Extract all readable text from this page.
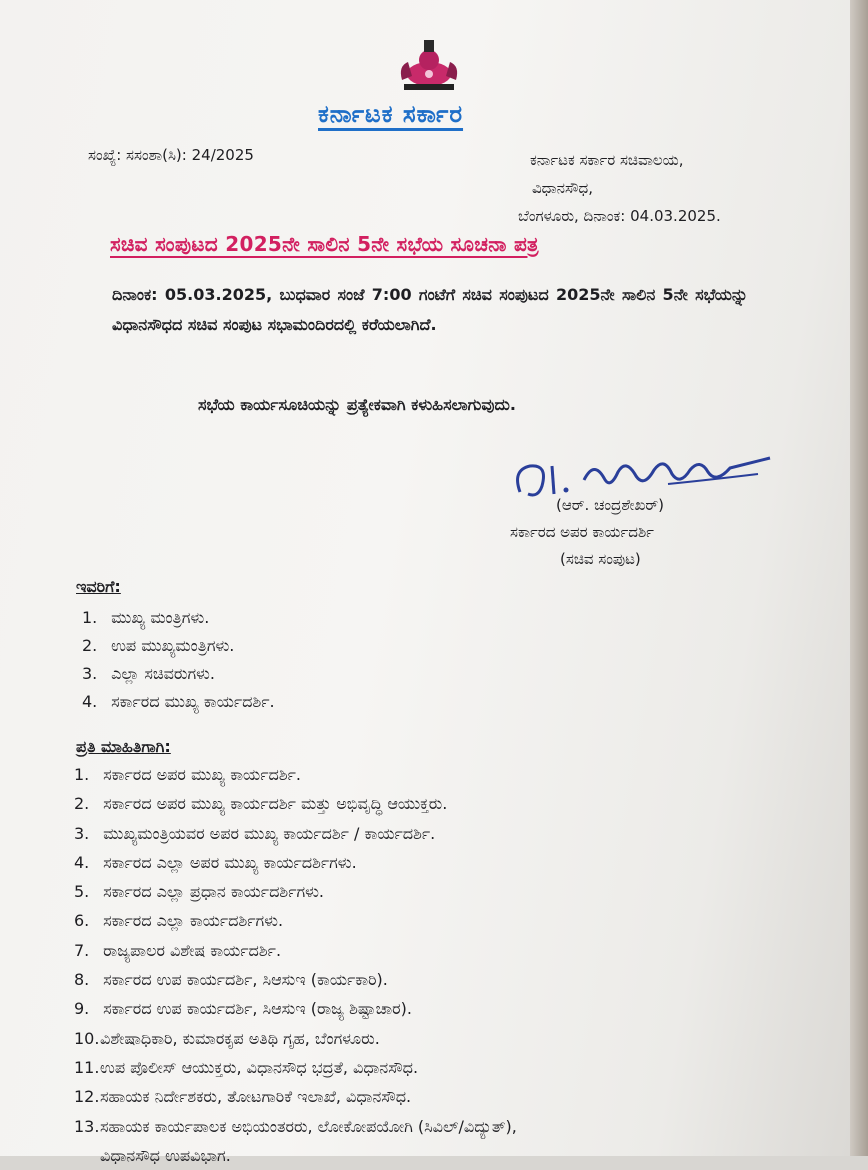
ಕರ್ನಾಟಕ ಸರ್ಕಾರ
ಸಂಖ್ಯೆ: ಸಸಂಶಾ(ಸಿ): 24/2025	ಕರ್ನಾಟಕ ಸರ್ಕಾರ ಸಚಿವಾಲಯ,
ವಿಧಾನಸೌಧ,
ಬೆಂಗಳೂರು, ದಿನಾಂಕ: 04.03.2025.
ಸಚಿವ ಸಂಪುಟದ 2025ನೇ ಸಾಲಿನ 5ನೇ ಸಭೆಯ ಸೂಚನಾ ಪತ್ರ
ದಿನಾಂಕ: 05.03.2025, ಬುಧವಾರ ಸಂಜೆ 7:00 ಗಂಟೆಗೆ ಸಚಿವ ಸಂಪುಟದ 2025ನೇ ಸಾಲಿನ 5ನೇ ಸಭೆಯನ್ನು ವಿಧಾನಸೌಧದ ಸಚಿವ ಸಂಪುಟ ಸಭಾಮಂದಿರದಲ್ಲಿ ಕರೆಯಲಾಗಿದೆ.
ಸಭೆಯ ಕಾರ್ಯಸೂಚಿಯನ್ನು ಪ್ರತ್ಯೇಕವಾಗಿ ಕಳುಹಿಸಲಾಗುವುದು.
(ಆರ್. ಚಂದ್ರಶೇಖರ್)
ಸರ್ಕಾರದ ಅಪರ ಕಾರ್ಯದರ್ಶಿ
(ಸಚಿವ ಸಂಪುಟ)
ಇವರಿಗೆ:
1. ಮುಖ್ಯ ಮಂತ್ರಿಗಳು.
2. ಉಪ ಮುಖ್ಯಮಂತ್ರಿಗಳು.
3. ಎಲ್ಲಾ ಸಚಿವರುಗಳು.
4. ಸರ್ಕಾರದ ಮುಖ್ಯ ಕಾರ್ಯದರ್ಶಿ.
ಪ್ರತಿ ಮಾಹಿತಿಗಾಗಿ:
1. ಸರ್ಕಾರದ ಅಪರ ಮುಖ್ಯ ಕಾರ್ಯದರ್ಶಿ.
2. ಸರ್ಕಾರದ ಅಪರ ಮುಖ್ಯ ಕಾರ್ಯದರ್ಶಿ ಮತ್ತು ಅಭಿವೃದ್ಧಿ ಆಯುಕ್ತರು.
3. ಮುಖ್ಯಮಂತ್ರಿಯವರ ಅಪರ ಮುಖ್ಯ ಕಾರ್ಯದರ್ಶಿ / ಕಾರ್ಯದರ್ಶಿ.
4. ಸರ್ಕಾರದ ಎಲ್ಲಾ ಅಪರ ಮುಖ್ಯ ಕಾರ್ಯದರ್ಶಿಗಳು.
5. ಸರ್ಕಾರದ ಎಲ್ಲಾ ಪ್ರಧಾನ ಕಾರ್ಯದರ್ಶಿಗಳು.
6. ಸರ್ಕಾರದ ಎಲ್ಲಾ ಕಾರ್ಯದರ್ಶಿಗಳು.
7. ರಾಜ್ಯಪಾಲರ ವಿಶೇಷ ಕಾರ್ಯದರ್ಶಿ.
8. ಸರ್ಕಾರದ ಉಪ ಕಾರ್ಯದರ್ಶಿ, ಸಿಆಸುಇ (ಕಾರ್ಯಕಾರಿ).
9. ಸರ್ಕಾರದ ಉಪ ಕಾರ್ಯದರ್ಶಿ, ಸಿಆಸುಇ (ರಾಜ್ಯ ಶಿಷ್ಟಾಚಾರ).
10.ವಿಶೇಷಾಧಿಕಾರಿ, ಕುಮಾರಕೃಪ ಅತಿಥಿ ಗೃಹ, ಬೆಂಗಳೂರು.
11.ಉಪ ಪೊಲೀಸ್ ಆಯುಕ್ತರು, ವಿಧಾನಸೌಧ ಭದ್ರತೆ, ವಿಧಾನಸೌಧ.
12.ಸಹಾಯಕ ನಿರ್ದೇಶಕರು, ತೋಟಗಾರಿಕೆ ಇಲಾಖೆ, ವಿಧಾನಸೌಧ.
13.ಸಹಾಯಕ ಕಾರ್ಯಪಾಲಕ ಅಭಿಯಂತರರು, ಲೋಕೋಪಯೋಗಿ (ಸಿವಿಲ್/ವಿದ್ಯುತ್),
ವಿಧಾನಸೌಧ ಉಪವಿಭಾಗ.
